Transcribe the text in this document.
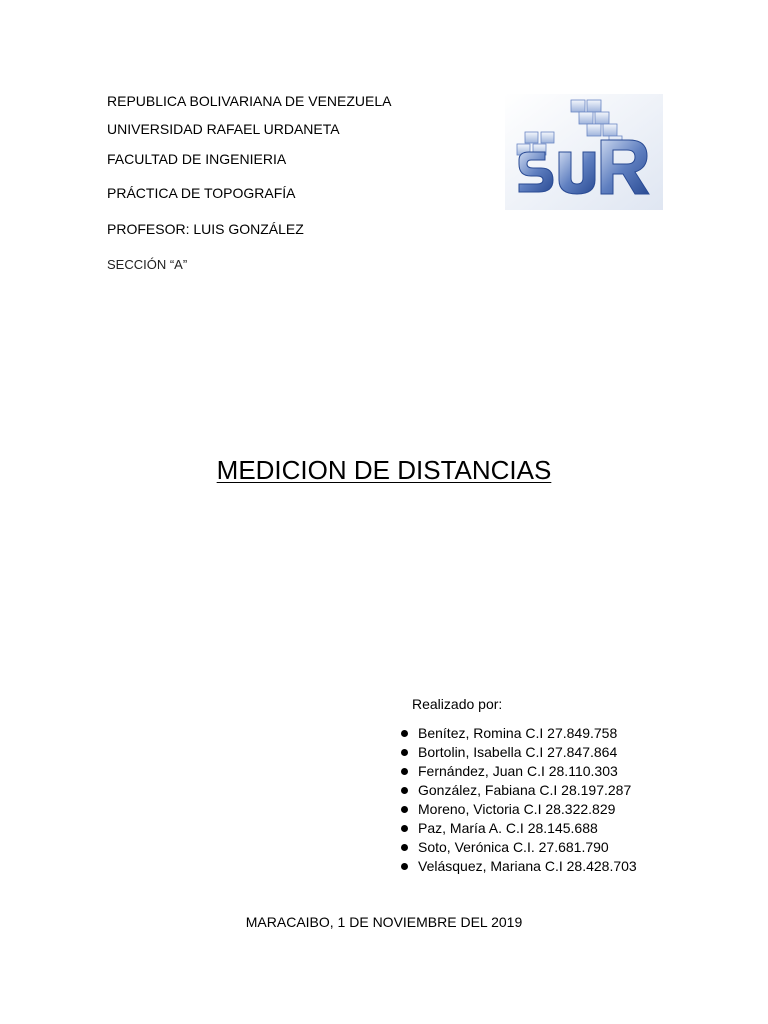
REPUBLICA BOLIVARIANA DE VENEZUELA
UNIVERSIDAD RAFAEL URDANETA
FACULTAD DE INGENIERIA
PRÁCTICA DE TOPOGRAFÍA
PROFESOR: LUIS GONZÁLEZ
SECCIÓN “A”
MEDICION DE DISTANCIAS
Realizado por:
Benítez, Romina C.I 27.849.758
Bortolin, Isabella C.I 27.847.864
Fernández, Juan C.I 28.110.303
González, Fabiana C.I 28.197.287
Moreno, Victoria C.I 28.322.829
Paz, María A. C.I 28.145.688
Soto, Verónica C.I. 27.681.790
Velásquez, Mariana C.I 28.428.703
MARACAIBO, 1 DE NOVIEMBRE DEL 2019
